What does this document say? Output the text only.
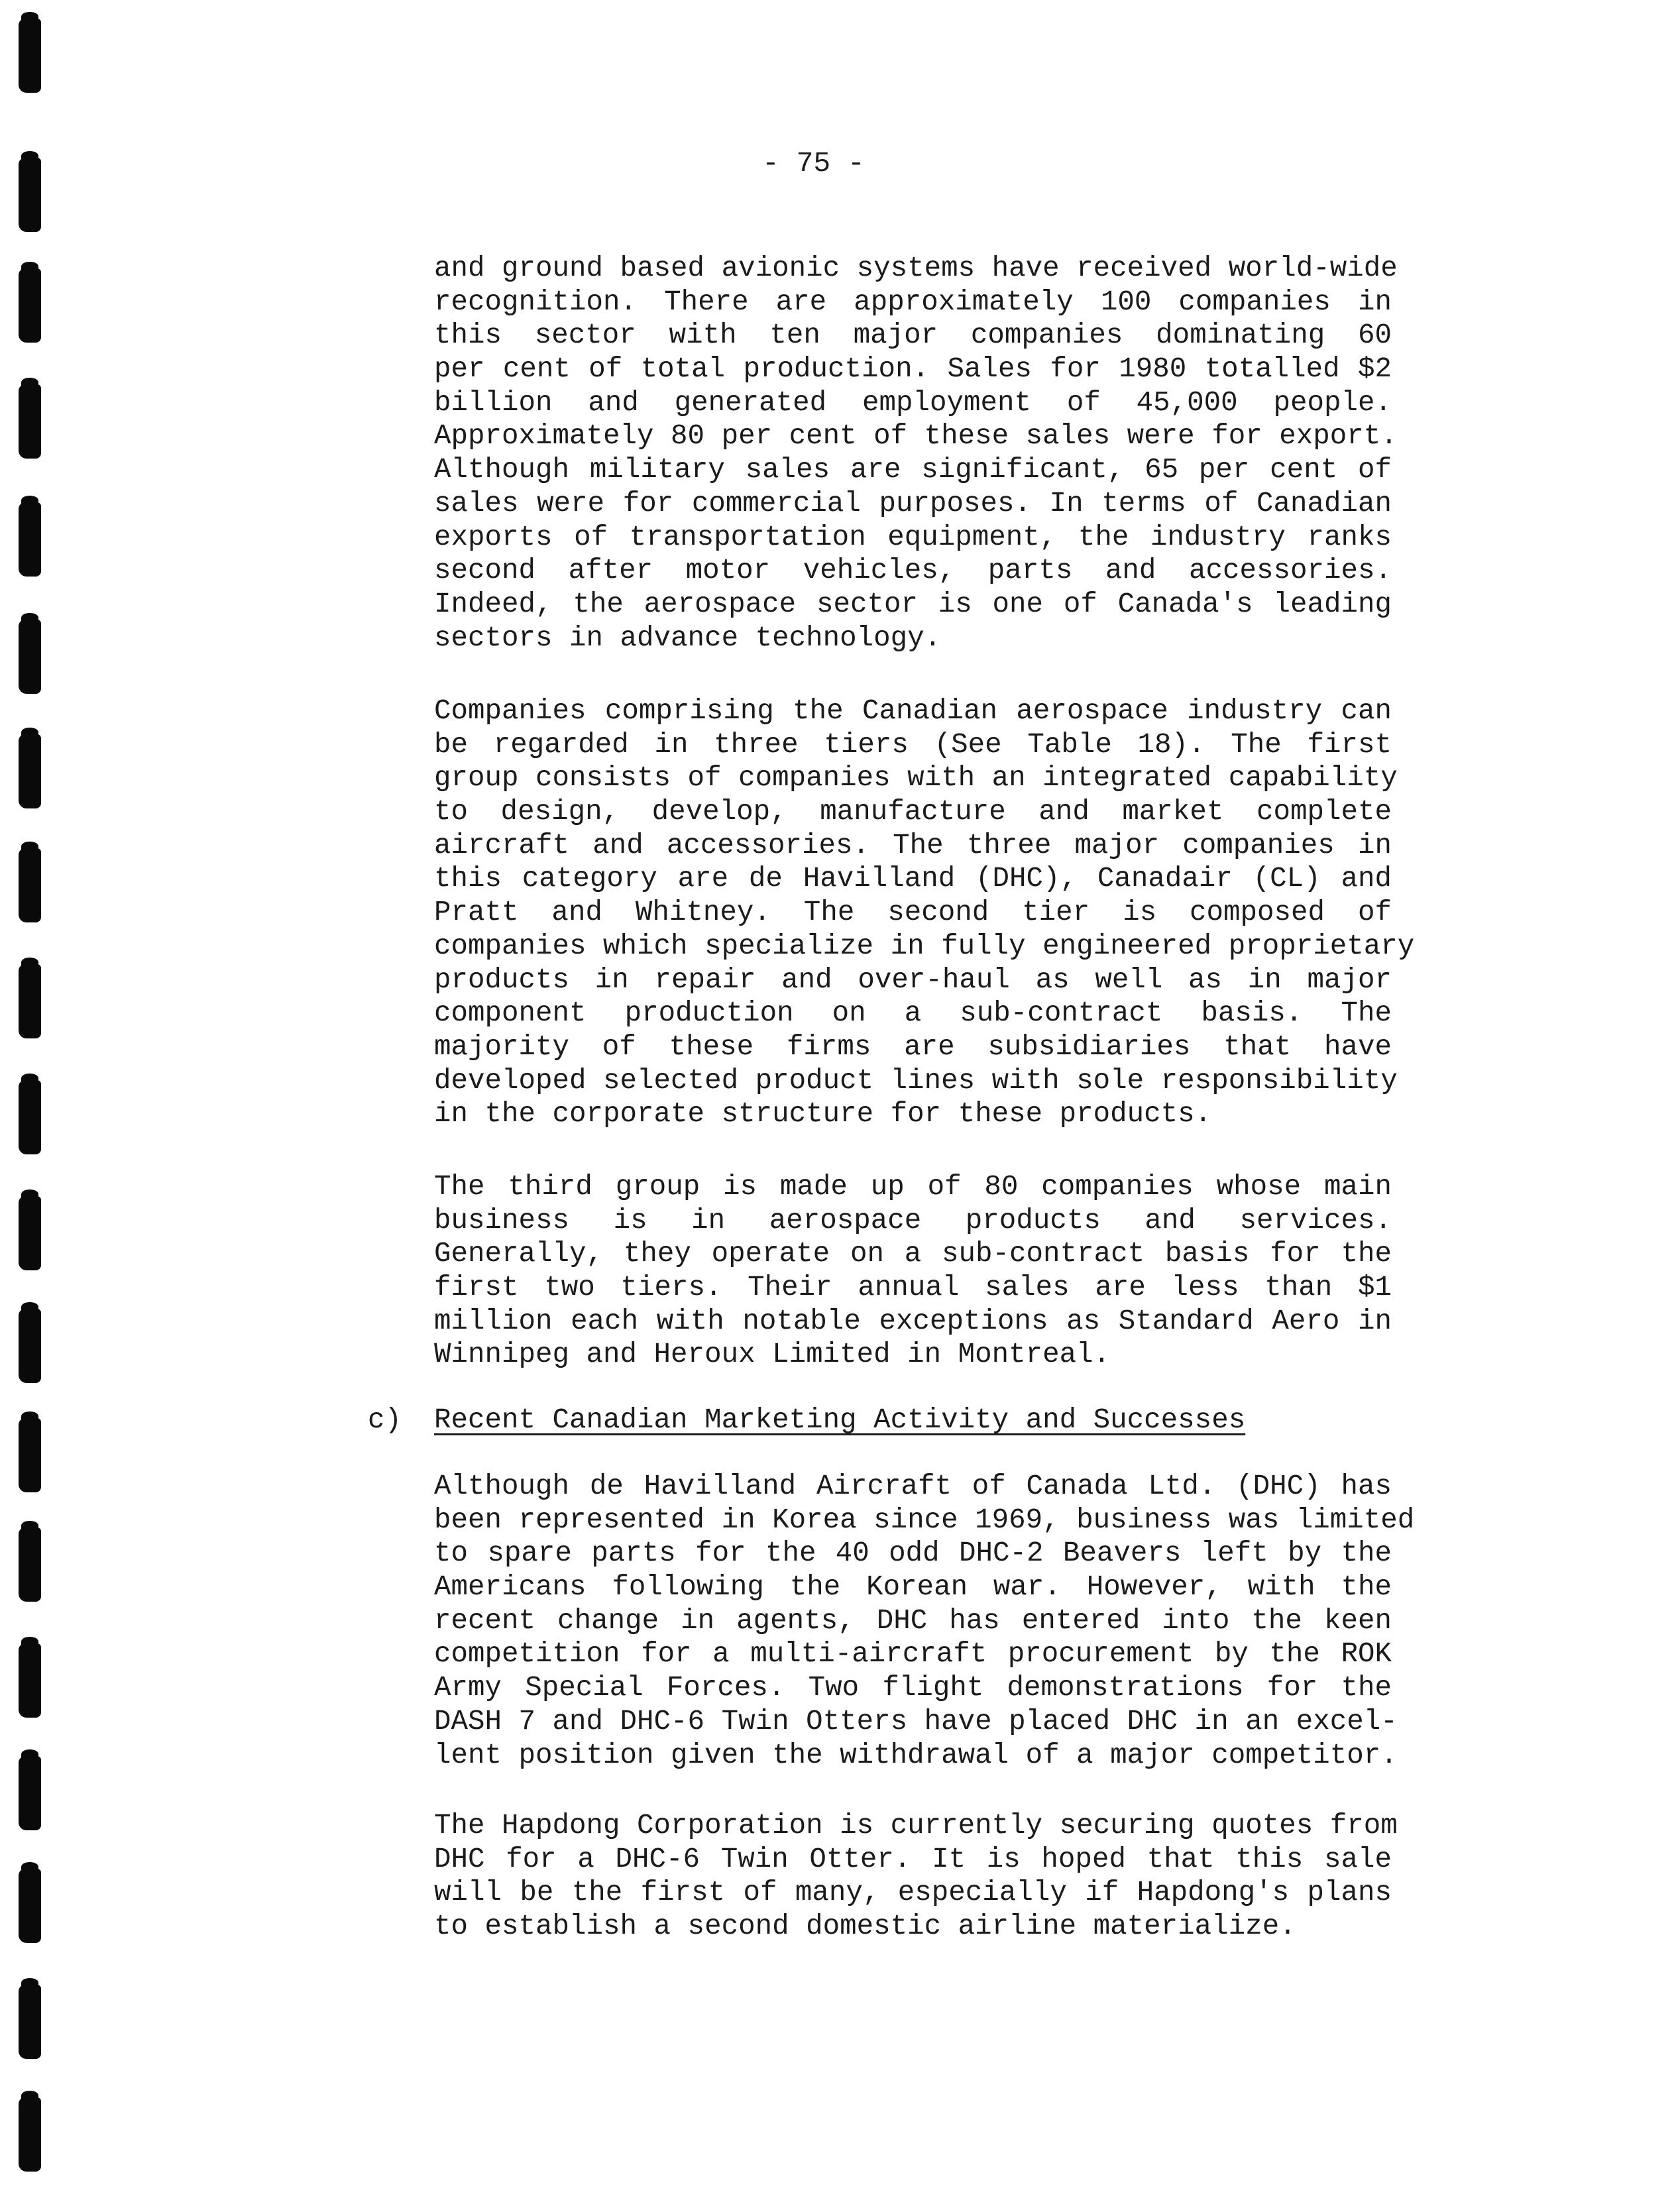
- 75 -
and ground based avionic systems have received world-wide
recognition. There are approximately 100 companies in
this sector with ten major companies dominating 60
per cent of total production. Sales for 1980 totalled $2
billion and generated employment of 45,000 people.
Approximately 80 per cent of these sales were for export.
Although military sales are significant, 65 per cent of
sales were for commercial purposes. In terms of Canadian
exports of transportation equipment, the industry ranks
second after motor vehicles, parts and accessories.
Indeed, the aerospace sector is one of Canada's leading
sectors in advance technology.
Companies comprising the Canadian aerospace industry can
be regarded in three tiers (See Table 18). The first
group consists of companies with an integrated capability
to design, develop, manufacture and market complete
aircraft and accessories. The three major companies in
this category are de Havilland (DHC), Canadair (CL) and
Pratt and Whitney. The second tier is composed of
companies which specialize in fully engineered proprietary
products in repair and over-haul as well as in major
component production on a sub-contract basis. The
majority of these firms are subsidiaries that have
developed selected product lines with sole responsibility
in the corporate structure for these products.
The third group is made up of 80 companies whose main
business is in aerospace products and services.
Generally, they operate on a sub-contract basis for the
first two tiers. Their annual sales are less than $1
million each with notable exceptions as Standard Aero in
Winnipeg and Heroux Limited in Montreal.
c) Recent Canadian Marketing Activity and Successes
Although de Havilland Aircraft of Canada Ltd. (DHC) has
been represented in Korea since 1969, business was limited
to spare parts for the 40 odd DHC-2 Beavers left by the
Americans following the Korean war. However, with the
recent change in agents, DHC has entered into the keen
competition for a multi-aircraft procurement by the ROK
Army Special Forces. Two flight demonstrations for the
DASH 7 and DHC-6 Twin Otters have placed DHC in an excel-
lent position given the withdrawal of a major competitor.
The Hapdong Corporation is currently securing quotes from
DHC for a DHC-6 Twin Otter. It is hoped that this sale
will be the first of many, especially if Hapdong's plans
to establish a second domestic airline materialize.
